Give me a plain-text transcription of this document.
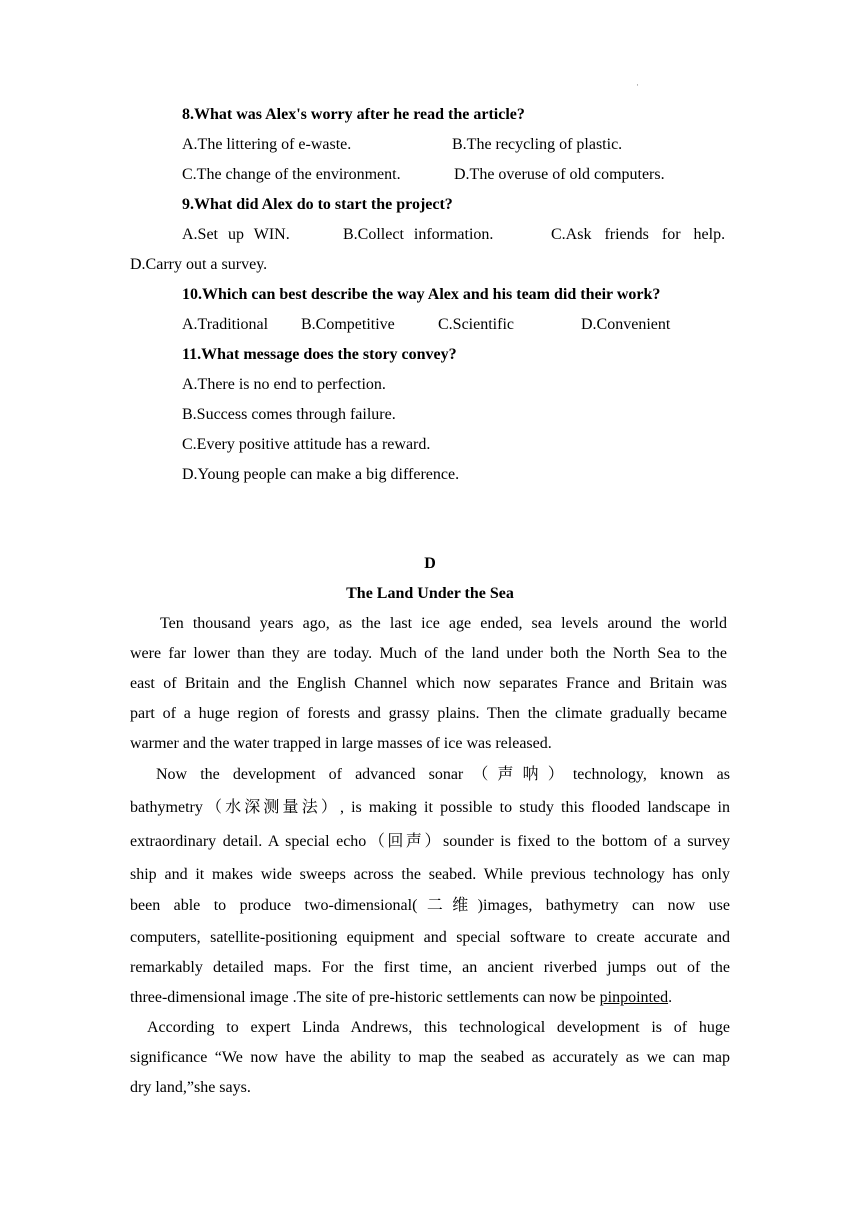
·
8.What was Alex's worry after he read the article?
A.The littering of e-waste.	B.The recycling of plastic.
C.The change of the environment.	D.The overuse of old computers.
9.What did Alex do to start the project?
A.Set up WIN.	B.Collect information.	C.Ask friends for help.
D.Carry out a survey.
10.Which can best describe the way Alex and his team did their work?
A.Traditional B.Competitive	C.Scientific	D.Convenient
11.What message does the story convey?
A.There is no end to perfection.
B.Success comes through failure.
C.Every positive attitude has a reward.
D.Young people can make a big difference.
D
The Land Under the Sea
Ten thousand years ago, as the last ice age ended, sea levels around the world
were far lower than they are today. Much of the land under both the North Sea to the
east of Britain and the English Channel which now separates France and Britain was
part of a huge region of forests and grassy plains. Then the climate gradually became
warmer and the water trapped in large masses of ice was released.
Now the development of advanced sonar（声呐）technology, known as
bathymetry（水深测量法）, is making it possible to study this flooded landscape in
extraordinary detail. A special echo（回声）sounder is fixed to the bottom of a survey
ship and it makes wide sweeps across the seabed. While previous technology has only
been able to produce two-dimensional(二维)images, bathymetry can now use
computers, satellite-positioning equipment and special software to create accurate and
remarkably detailed maps. For the first time, an ancient riverbed jumps out of the
three-dimensional image .The site of pre-historic settlements can now be pinpointed.
According to expert Linda Andrews, this technological development is of huge
significance “We now have the ability to map the seabed as accurately as we can map
dry land,”she says.
